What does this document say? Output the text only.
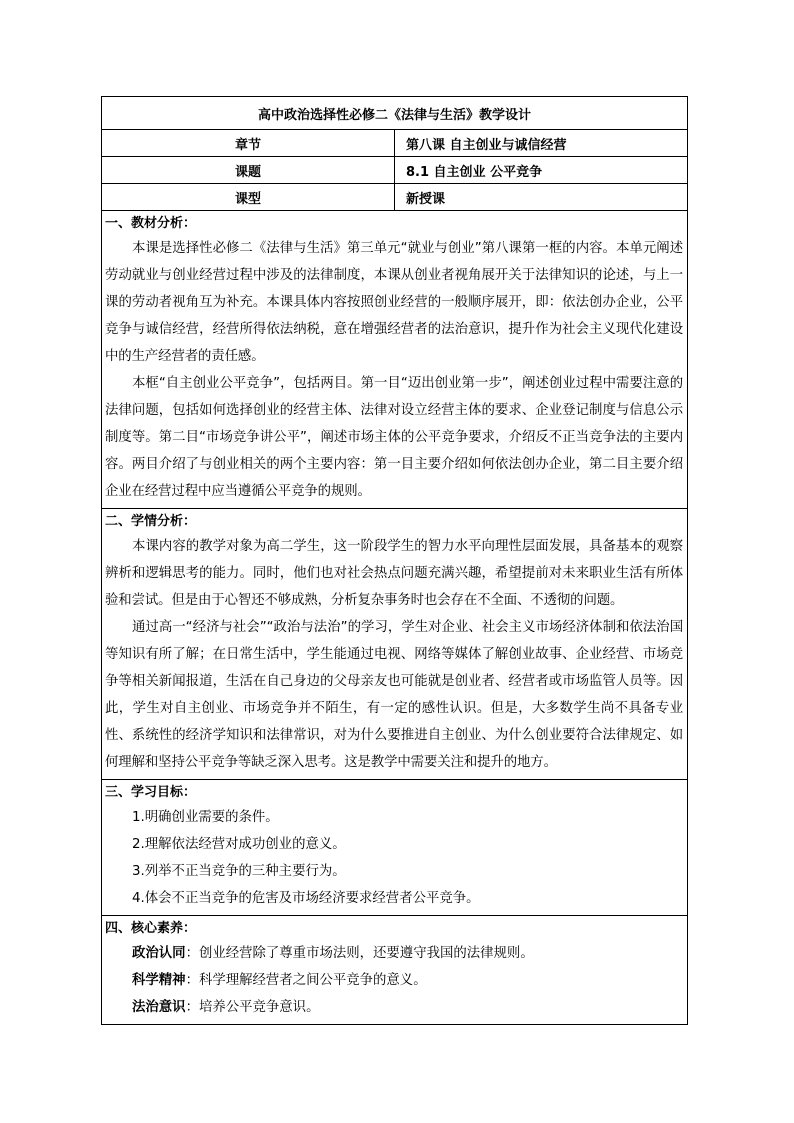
高中政治选择性必修二《法律与生活》教学设计	
章节	第八课 自主创业与诚信经营
课题	8.1 自主创业 公平竞争
课型	新授课

一、教材分析：

本课是选择性必修二《法律与生活》第三单元“就业与创业”第八课第一框的内容。本单元阐述劳动就业与创业经营过程中涉及的法律制度，本课从创业者视角展开关于法律知识的论述，与上一课的劳动者视角互为补充。本课具体内容按照创业经营的一般顺序展开，即：依法创办企业，公平竞争与诚信经营，经营所得依法纳税，意在增强经营者的法治意识，提升作为社会主义现代化建设中的生产经营者的责任感。

本框“自主创业公平竞争”，包括两目。第一目“迈出创业第一步”，阐述创业过程中需要注意的法律问题，包括如何选择创业的经营主体、法律对设立经营主体的要求、企业登记制度与信息公示制度等。第二目“市场竞争讲公平”，阐述市场主体的公平竞争要求，介绍反不正当竞争法的主要内容。两目介绍了与创业相关的两个主要内容：第一目主要介绍如何依法创办企业，第二目主要介绍企业在经营过程中应当遵循公平竞争的规则。	

二、学情分析：

本课内容的教学对象为高二学生，这一阶段学生的智力水平向理性层面发展，具备基本的观察辨析和逻辑思考的能力。同时，他们也对社会热点问题充满兴趣，希望提前对未来职业生活有所体验和尝试。但是由于心智还不够成熟，分析复杂事务时也会存在不全面、不透彻的问题。

通过高一“经济与社会”“政治与法治”的学习，学生对企业、社会主义市场经济体制和依法治国等知识有所了解；在日常生活中，学生能通过电视、网络等媒体了解创业故事、企业经营、市场竞争等相关新闻报道，生活在自己身边的父母亲友也可能就是创业者、经营者或市场监管人员等。因此，学生对自主创业、市场竞争并不陌生，有一定的感性认识。但是，大多数学生尚不具备专业性、系统性的经济学知识和法律常识，对为什么要推进自主创业、为什么创业要符合法律规定、如何理解和坚持公平竞争等缺乏深入思考。这是教学中需要关注和提升的地方。	

三、学习目标：

1.明确创业需要的条件。

2.理解依法经营对成功创业的意义。

3.列举不正当竞争的三种主要行为。

4.体会不正当竞争的危害及市场经济要求经营者公平竞争。	

四、核心素养：

政治认同：创业经营除了尊重市场法则，还要遵守我国的法律规则。

科学精神：科学理解经营者之间公平竞争的意义。

法治意识：培养公平竞争意识。	
